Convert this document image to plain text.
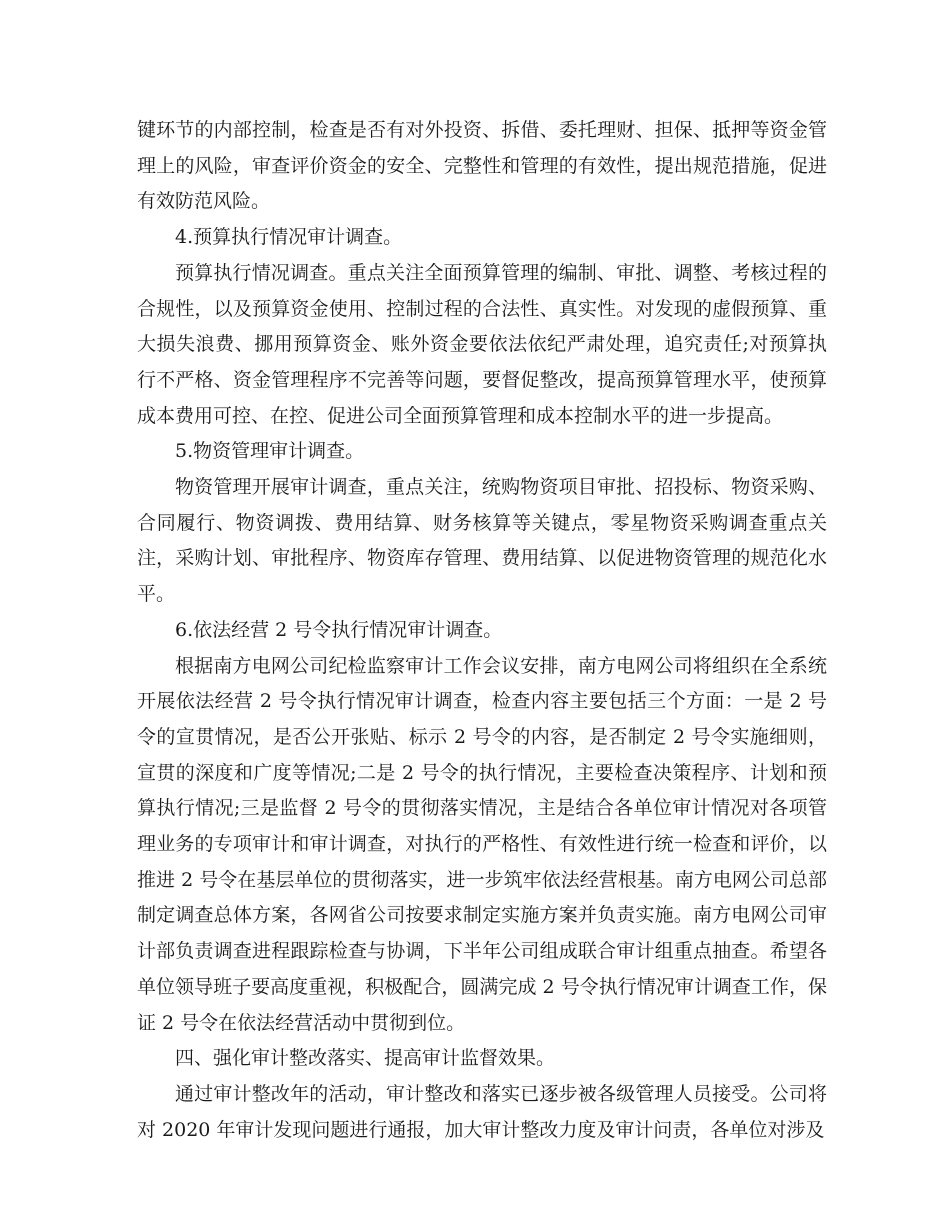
键环节的内部控制，检查是否有对外投资、拆借、委托理财、担保、抵押等资金管理上的风险，审查评价资金的安全、完整性和管理的有效性，提出规范措施，促进有效防范风险。

4.预算执行情况审计调查。

预算执行情况调查。重点关注全面预算管理的编制、审批、调整、考核过程的合规性，以及预算资金使用、控制过程的合法性、真实性。对发现的虚假预算、重大损失浪费、挪用预算资金、账外资金要依法依纪严肃处理，追究责任;对预算执行不严格、资金管理程序不完善等问题，要督促整改，提高预算管理水平，使预算成本费用可控、在控、促进公司全面预算管理和成本控制水平的进一步提高。

5.物资管理审计调查。

物资管理开展审计调查，重点关注，统购物资项目审批、招投标、物资采购、合同履行、物资调拨、费用结算、财务核算等关键点，零星物资采购调查重点关注，采购计划、审批程序、物资库存管理、费用结算、以促进物资管理的规范化水平。

6.依法经营 2 号令执行情况审计调查。

根据南方电网公司纪检监察审计工作会议安排，南方电网公司将组织在全系统开展依法经营 2 号令执行情况审计调查，检查内容主要包括三个方面：一是 2 号令的宣贯情况，是否公开张贴、标示 2 号令的内容，是否制定 2 号令实施细则，宣贯的深度和广度等情况;二是 2 号令的执行情况，主要检查决策程序、计划和预算执行情况;三是监督 2 号令的贯彻落实情况，主是结合各单位审计情况对各项管理业务的专项审计和审计调查，对执行的严格性、有效性进行统一检查和评价，以推进 2 号令在基层单位的贯彻落实，进一步筑牢依法经营根基。南方电网公司总部制定调查总体方案，各网省公司按要求制定实施方案并负责实施。南方电网公司审计部负责调查进程跟踪检查与协调，下半年公司组成联合审计组重点抽查。希望各单位领导班子要高度重视，积极配合，圆满完成 2 号令执行情况审计调查工作，保证 2 号令在依法经营活动中贯彻到位。

四、强化审计整改落实、提高审计监督效果。

通过审计整改年的活动，审计整改和落实已逐步被各级管理人员接受。公司将对 2020 年审计发现问题进行通报，加大审计整改力度及审计问责，各单位对涉及
